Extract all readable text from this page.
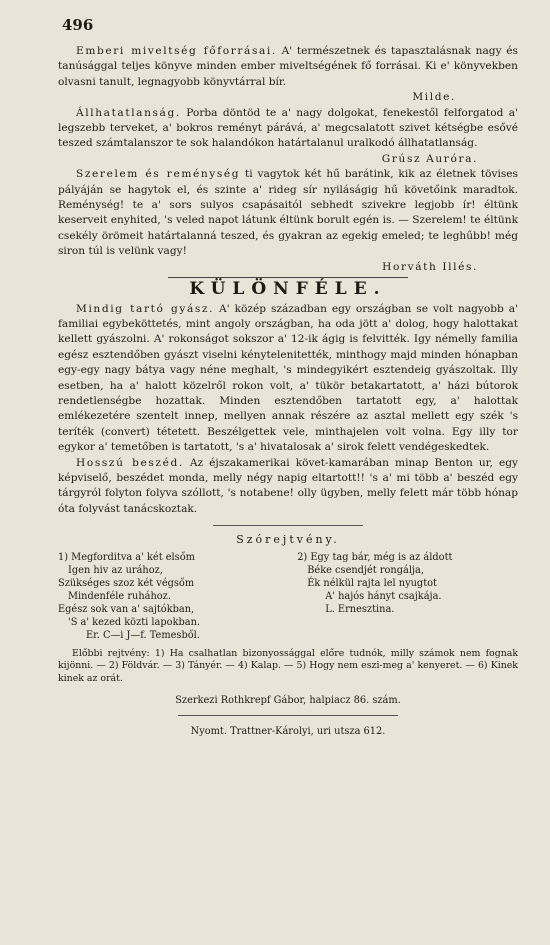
496

Emberi miveltség főforrásai. A' természetnek és tapasztalásnak nagy és tanúsággal teljes könyve minden ember miveltségének fő forrásai. Ki e' könyvekben olvasni tanult, legnagyobb könyvtárral bír.

Milde.

Állhatatlanság. Porba döntöd te a' nagy dolgokat, fenekestől felforgatod a' legszebb terveket, a' bokros reményt párává, a' megcsalatott szivet kétségbe esővé teszed számtalanszor te sok halandókon határtalanul uralkodó állhatatlanság.

Grúsz Auróra.

Szerelem és reménység ti vagytok két hű barátink, kik az életnek tövises pályáján se hagytok el, és szinte a' rideg sír nyiláságig hű követőink maradtok. Reménység! te a' sors sulyos csapásaitól sebhedt szivekre legjobb ír! éltünk keserveit enyhited, 's veled napot látunk éltünk borult egén is. — Szerelem! te éltünk csekély örömeit határtalanná teszed, és gyakran az egekig emeled; te leghűbb! még siron túl is velünk vagy!

Horváth Illés.

KÜLÖNFÉLE.

Mindig tartó gyász. A' közép században egy országban se volt nagyobb a' familiai egybeköttetés, mint angoly országban, ha oda jött a' dolog, hogy halottakat kellett gyászolni. A' rokonságot sokszor a' 12-ik ágig is felvitték. Igy némelly familia egész esztendőben gyászt viselni kénytelenitették, minthogy majd minden hónapban egy-egy nagy bátya vagy néne meghalt, 's mindegyikért esztendeig gyászoltak. Illy esetben, ha a' halott közelről rokon volt, a' tükör betakartatott, a' házi bútorok rendetlenségbe hozattak. Minden esztendőben tartatott egy, a' halottak emlékezetére szentelt innep, mellyen annak részére az asztal mellett egy szék 's teríték (convert) tétetett. Beszélgettek vele, minthajelen volt volna. Egy illy tor egykor a' temetőben is tartatott, 's a' hivatalosak a' sirok felett vendégeskedtek.

Hosszú beszéd. Az éjszakamerikai követ-kamarában minap Benton ur, egy képviselő, beszédet monda, melly négy napig eltartott!! 's a' mi több a' beszéd egy tárgyról folyton folyva szóllott, 's notabene! olly ügyben, melly felett már több hónap óta folyvást tanácskoztak.

Szórejtvény.

1) Megforditva a' két elsőm

Igen hiv az urához,

Szükséges szoz két végsőm

Mindenféle ruhához.

Egész sok van a' sajtókban,

'S a' kezed közti lapokban.

Er. C—i J—f. Temesből.

2) Egy tag bár, még is az áldott

Béke csendjét rongálja,

Ék nélkül rajta lel nyugtot

A' hajós hányt csajkája.

L. Ernesztina.

Előbbi rejtvény: 1) Ha csalhatlan bizonyossággal előre tudnók, milly számok nem fognak kijönni. — 2) Földvár. — 3) Tányér. — 4) Kalap. — 5) Hogy nem eszi-meg a' kenyeret. — 6) Kinek kinek az orát.

Szerkezi Rothkrepf Gábor, halpiacz 86. szám.

Nyomt. Trattner-Károlyi, uri utsza 612.
